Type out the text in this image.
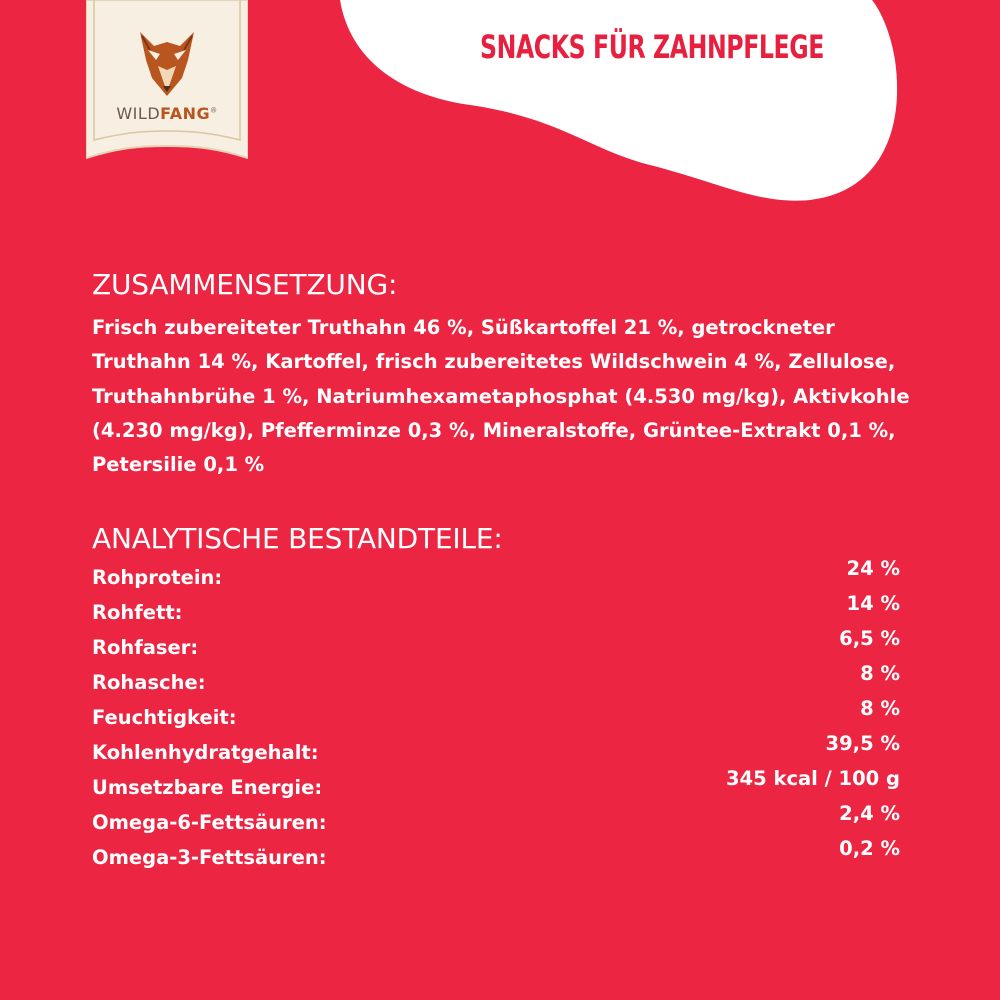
SNACKS FÜR ZAHNPFLEGE
WILDFANG®
ZUSAMMENSETZUNG:
Frisch zubereiteter Truthahn 46 %, Süßkartoffel 21 %, getrockneter Truthahn 14 %, Kartoffel, frisch zubereitetes Wildschwein 4 %, Zellulose, Truthahnbrühe 1 %, Natriumhexametaphosphat (4.530 mg/kg), Aktivkohle (4.230 mg/kg), Pfefferminze 0,3 %, Mineralstoffe, Grüntee-Extrakt 0,1 %, Petersilie 0,1 %
ANALYTISCHE BESTANDTEILE:
Rohprotein:	24 %
Rohfett:	14 %
Rohfaser:	6,5 %
Rohasche:	8 %
Feuchtigkeit:	8 %
Kohlenhydratgehalt:	39,5 %
Umsetzbare Energie:	345 kcal / 100 g
Omega-6-Fettsäuren:	2,4 %
Omega-3-Fettsäuren:	0,2 %
